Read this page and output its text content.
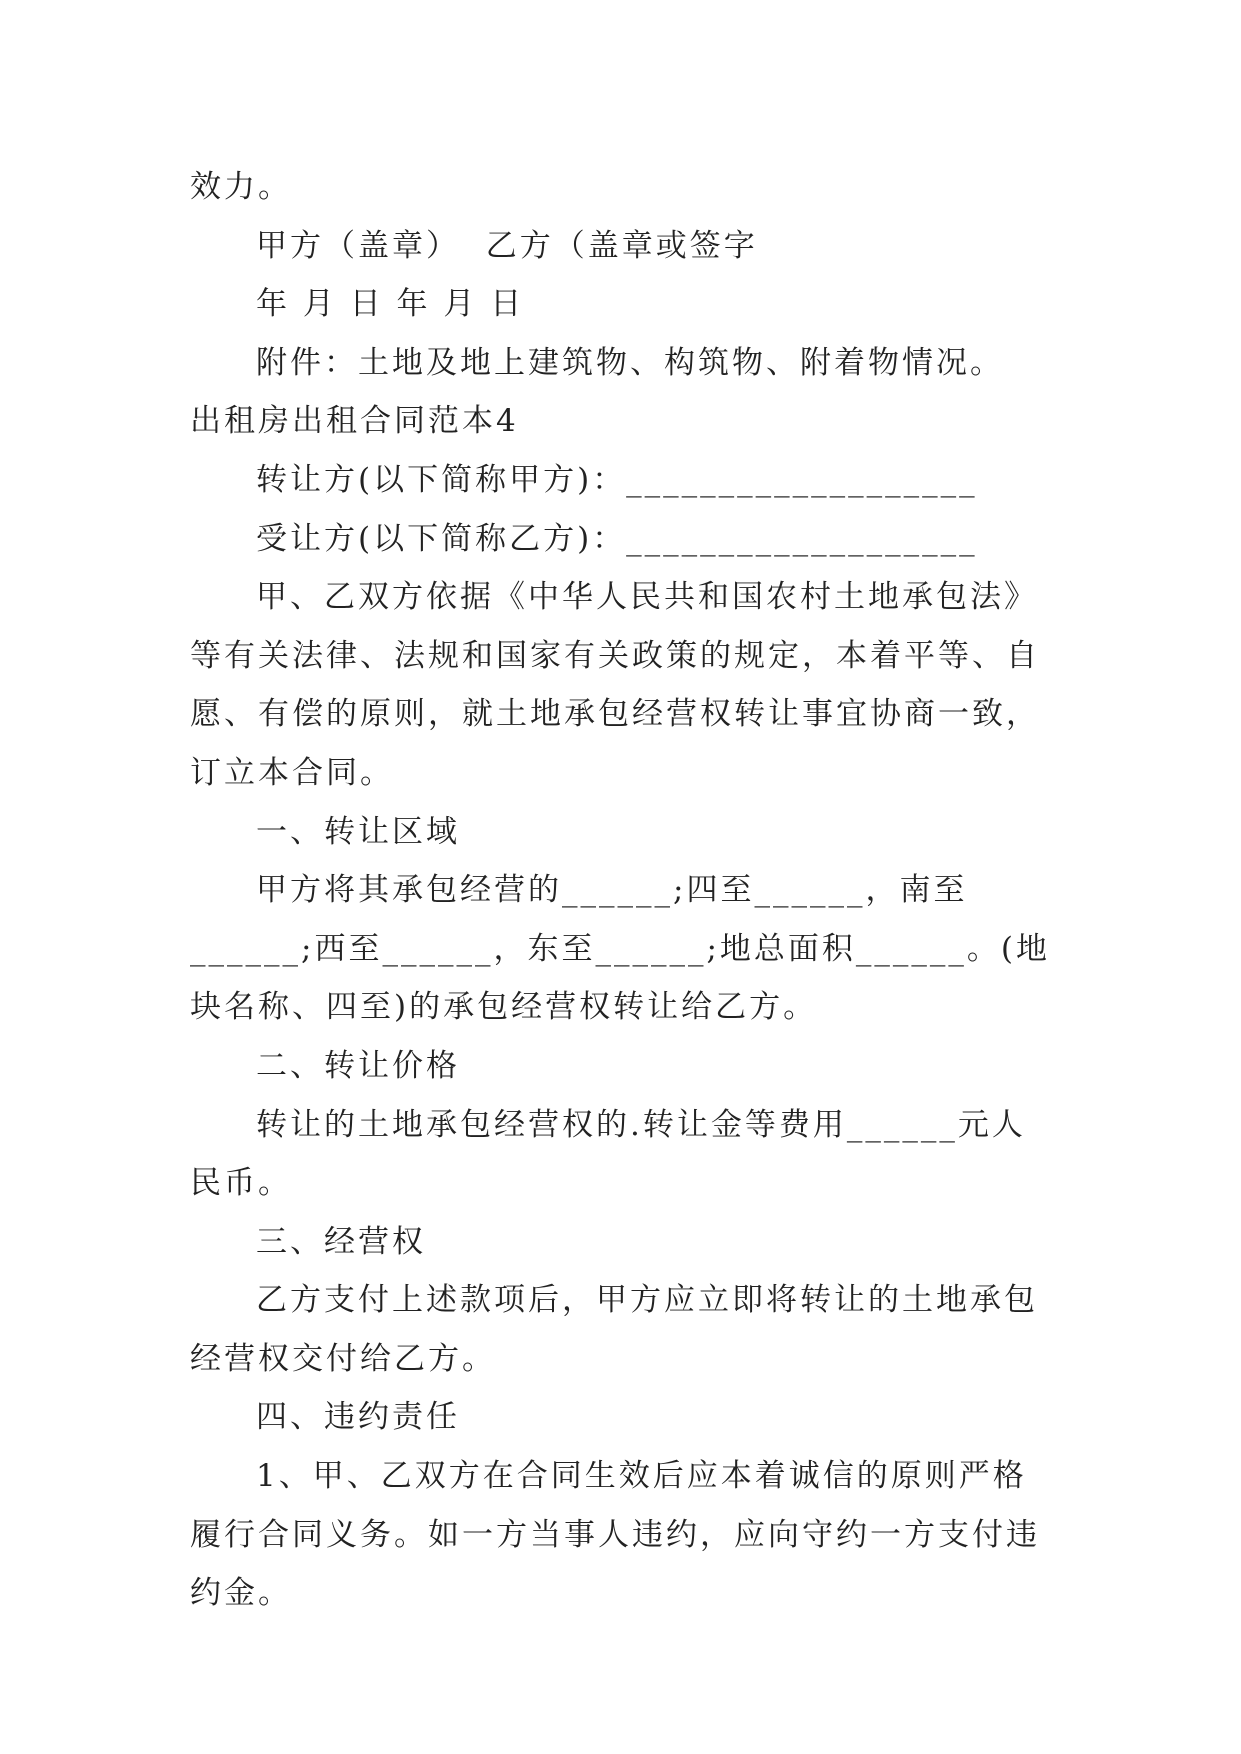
效力。

甲方（盖章）  乙方（盖章或签字

年 月 日 年 月 日

附件：土地及地上建筑物、构筑物、附着物情况。

出租房出租合同范本4

转让方(以下简称甲方)：___________________

受让方(以下简称乙方)：___________________

甲、乙双方依据《中华人民共和国农村土地承包法》等有关法律、法规和国家有关政策的规定，本着平等、自愿、有偿的原则，就土地承包经营权转让事宜协商一致，订立本合同。

一、转让区域

甲方将其承包经营的______;四至______，南至______;西至______，东至______;地总面积______。(地块名称、四至)的承包经营权转让给乙方。

二、转让价格

转让的土地承包经营权的.转让金等费用______元人民币。

三、经营权

乙方支付上述款项后，甲方应立即将转让的土地承包经营权交付给乙方。

四、违约责任

1、甲、乙双方在合同生效后应本着诚信的原则严格履行合同义务。如一方当事人违约，应向守约一方支付违约金。
